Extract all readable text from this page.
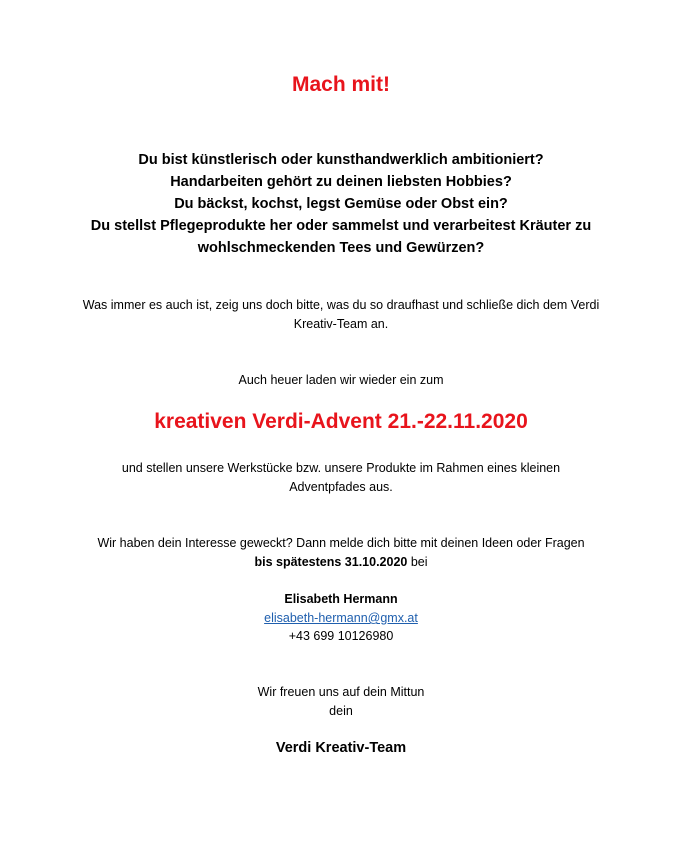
Mach mit!
Du bist künstlerisch oder kunsthandwerklich ambitioniert?
Handarbeiten gehört zu deinen liebsten Hobbies?
Du bäckst, kochst, legst Gemüse oder Obst ein?
Du stellst Pflegeprodukte her oder sammelst und verarbeitest Kräuter zu
wohlschmeckenden Tees und Gewürzen?
Was immer es auch ist, zeig uns doch bitte, was du so draufhast und schließe dich dem Verdi
Kreativ-Team an.
Auch heuer laden wir wieder ein zum
kreativen Verdi-Advent 21.-22.11.2020
und stellen unsere Werkstücke bzw. unsere Produkte im Rahmen eines kleinen
Adventpfades aus.
Wir haben dein Interesse geweckt? Dann melde dich bitte mit deinen Ideen oder Fragen
bis spätestens 31.10.2020 bei
Elisabeth Hermann
elisabeth-hermann@gmx.at
+43 699 10126980
Wir freuen uns auf dein Mittun
dein
Verdi Kreativ-Team
